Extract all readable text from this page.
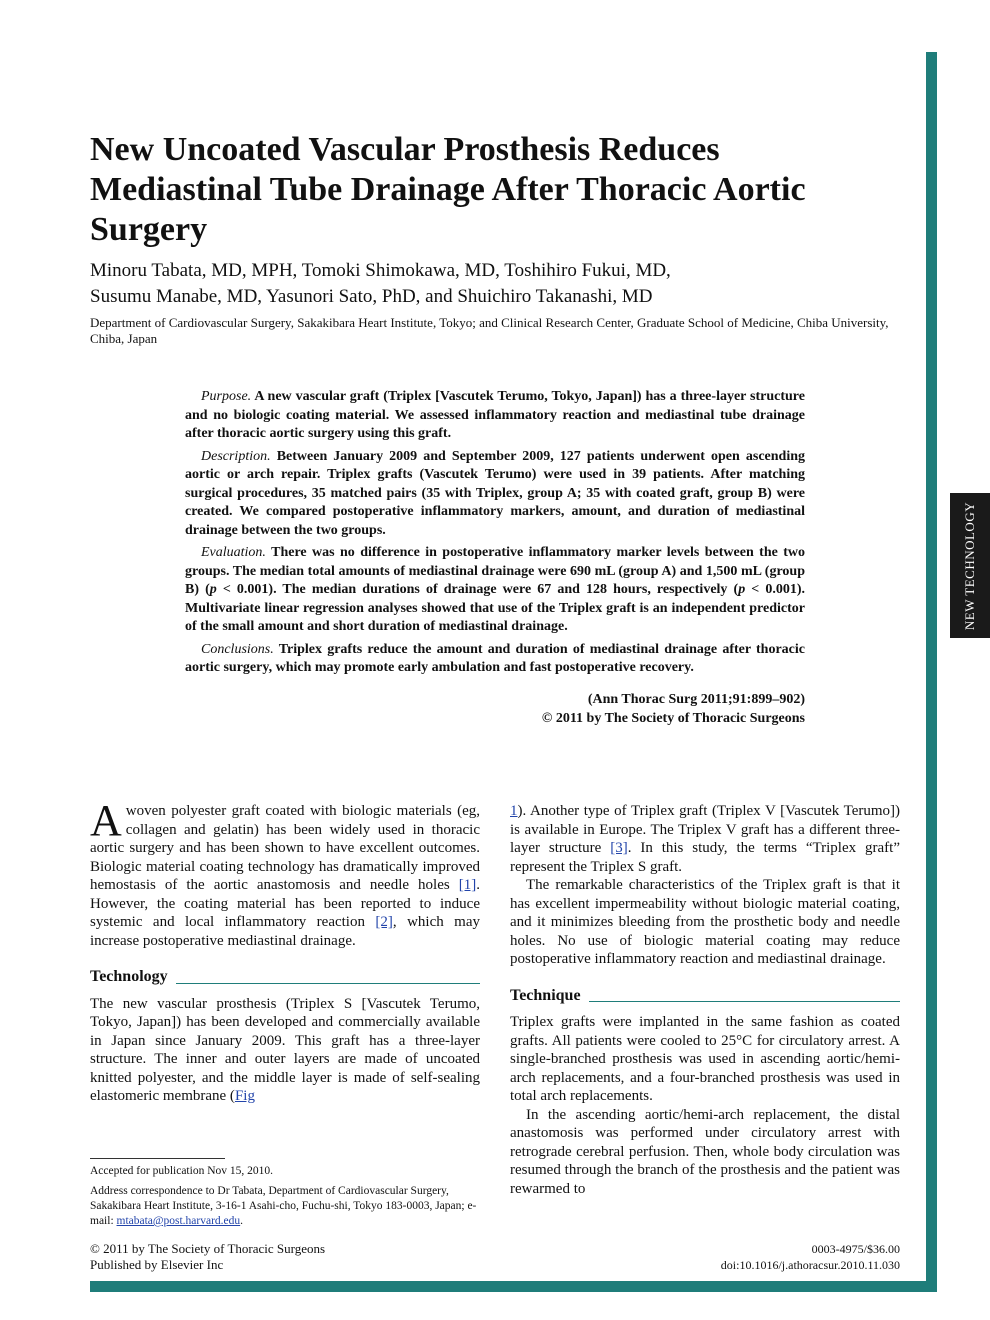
NEW TECHNOLOGY
New Uncoated Vascular Prosthesis Reduces Mediastinal Tube Drainage After Thoracic Aortic Surgery
Minoru Tabata, MD, MPH, Tomoki Shimokawa, MD, Toshihiro Fukui, MD,
Susumu Manabe, MD, Yasunori Sato, PhD, and Shuichiro Takanashi, MD
Department of Cardiovascular Surgery, Sakakibara Heart Institute, Tokyo; and Clinical Research Center, Graduate School of Medicine, Chiba University, Chiba, Japan

Purpose. A new vascular graft (Triplex [Vascutek Terumo, Tokyo, Japan]) has a three-layer structure and no biologic coating material. We assessed inflammatory reaction and mediastinal tube drainage after thoracic aortic surgery using this graft.

Description. Between January 2009 and September 2009, 127 patients underwent open ascending aortic or arch repair. Triplex grafts (Vascutek Terumo) were used in 39 patients. After matching surgical procedures, 35 matched pairs (35 with Triplex, group A; 35 with coated graft, group B) were created. We compared postoperative inflammatory markers, amount, and duration of mediastinal drainage between the two groups.

Evaluation. There was no difference in postoperative inflammatory marker levels between the two groups. The median total amounts of mediastinal drainage were 690 mL (group A) and 1,500 mL (group B) (p < 0.001). The median durations of drainage were 67 and 128 hours, respectively (p < 0.001). Multivariate linear regression analyses showed that use of the Triplex graft is an independent predictor of the small amount and short duration of mediastinal drainage.

Conclusions. Triplex grafts reduce the amount and duration of mediastinal drainage after thoracic aortic surgery, which may promote early ambulation and fast postoperative recovery.

(Ann Thorac Surg 2011;91:899–902)
© 2011 by The Society of Thoracic Surgeons

A woven polyester graft coated with biologic materials (eg, collagen and gelatin) has been widely used in thoracic aortic surgery and has been shown to have excellent outcomes. Biologic material coating technology has dramatically improved hemostasis of the aortic anastomosis and needle holes [1]. However, the coating material has been reported to induce systemic and local inflammatory reaction [2], which may increase postoperative mediastinal drainage.

Technology

The new vascular prosthesis (Triplex S [Vascutek Terumo, Tokyo, Japan]) has been developed and commercially available in Japan since January 2009. This graft has a three-layer structure. The inner and outer layers are made of uncoated knitted polyester, and the middle layer is made of self-sealing elastomeric membrane (Fig

1). Another type of Triplex graft (Triplex V [Vascutek Terumo]) is available in Europe. The Triplex V graft has a different three-layer structure [3]. In this study, the terms “Triplex graft” represent the Triplex S graft.

The remarkable characteristics of the Triplex graft is that it has excellent impermeability without biologic material coating, and it minimizes bleeding from the prosthetic body and needle holes. No use of biologic material coating may reduce postoperative inflammatory reaction and mediastinal drainage.

Technique

Triplex grafts were implanted in the same fashion as coated grafts. All patients were cooled to 25°C for circulatory arrest. A single-branched prosthesis was used in ascending aortic/hemi-arch replacements, and a four-branched prosthesis was used in total arch replacements.

In the ascending aortic/hemi-arch replacement, the distal anastomosis was performed under circulatory arrest with retrograde cerebral perfusion. Then, whole body circulation was resumed through the branch of the prosthesis and the patient was rewarmed to

Accepted for publication Nov 15, 2010.

Address correspondence to Dr Tabata, Department of Cardiovascular Surgery, Sakakibara Heart Institute, 3-16-1 Asahi-cho, Fuchu-shi, Tokyo 183-0003, Japan; e-mail: mtabata@post.harvard.edu.

© 2011 by The Society of Thoracic Surgeons
Published by Elsevier Inc
0003-4975/$36.00
doi:10.1016/j.athoracsur.2010.11.030
